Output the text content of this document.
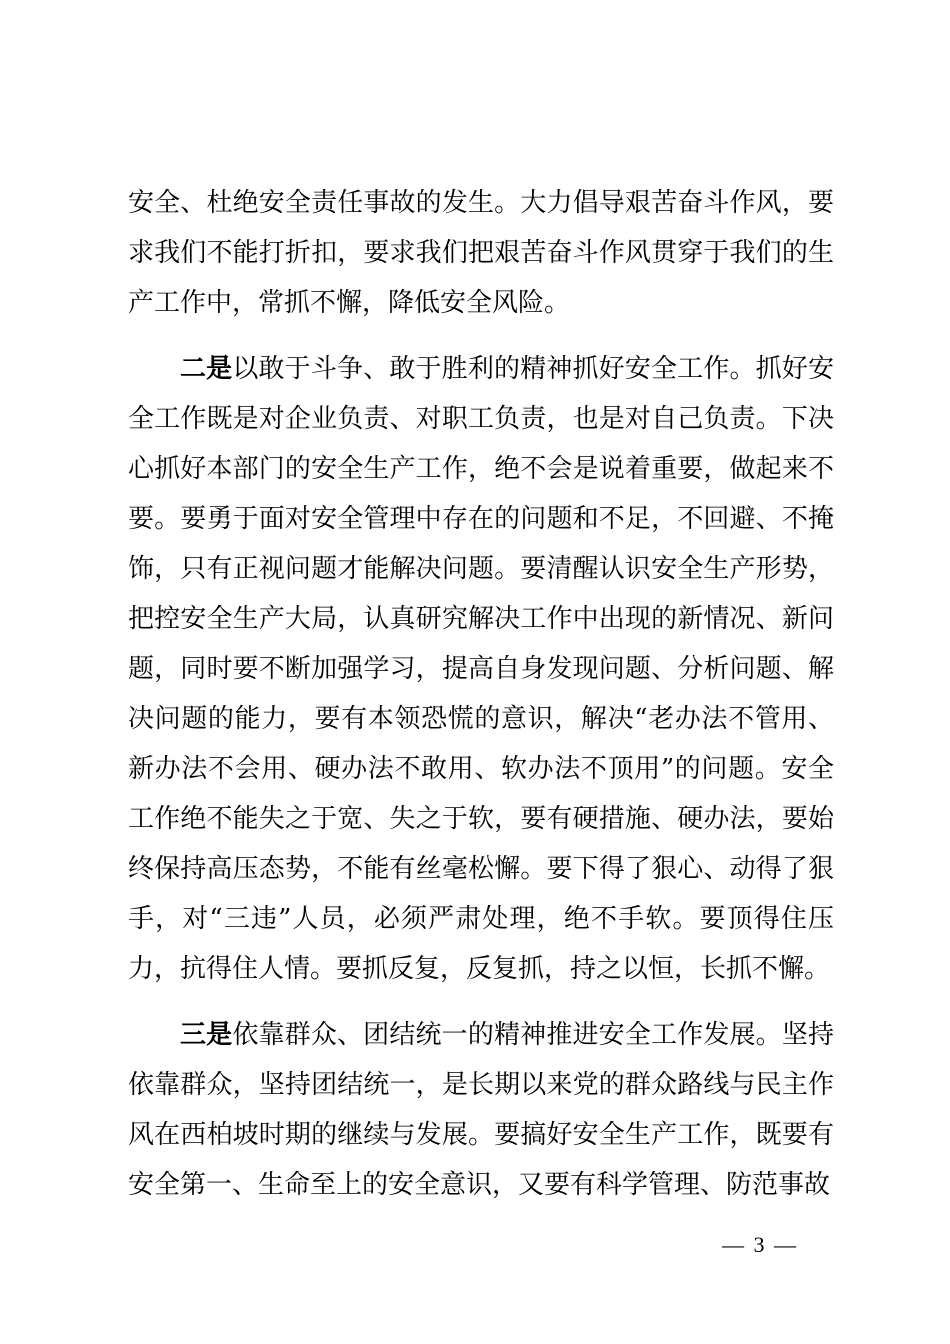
安全、杜绝安全责任事故的发生。大力倡导艰苦奋斗作风，要求我们不能打折扣，要求我们把艰苦奋斗作风贯穿于我们的生产工作中，常抓不懈，降低安全风险。

二是以敢于斗争、敢于胜利的精神抓好安全工作。抓好安全工作既是对企业负责、对职工负责，也是对自己负责。下决心抓好本部门的安全生产工作，绝不会是说着重要，做起来不要。要勇于面对安全管理中存在的问题和不足，不回避、不掩饰，只有正视问题才能解决问题。要清醒认识安全生产形势，把控安全生产大局，认真研究解决工作中出现的新情况、新问题，同时要不断加强学习，提高自身发现问题、分析问题、解决问题的能力，要有本领恐慌的意识，解决“老办法不管用、新办法不会用、硬办法不敢用、软办法不顶用”的问题。安全工作绝不能失之于宽、失之于软，要有硬措施、硬办法，要始终保持高压态势，不能有丝毫松懈。要下得了狠心、动得了狠手，对“三违”人员，必须严肃处理，绝不手软。要顶得住压力，抗得住人情。要抓反复，反复抓，持之以恒，长抓不懈。

三是依靠群众、团结统一的精神推进安全工作发展。坚持依靠群众，坚持团结统一，是长期以来党的群众路线与民主作风在西柏坡时期的继续与发展。要搞好安全生产工作，既要有安全第一、生命至上的安全意识，又要有科学管理、防范事故

— 3 —
